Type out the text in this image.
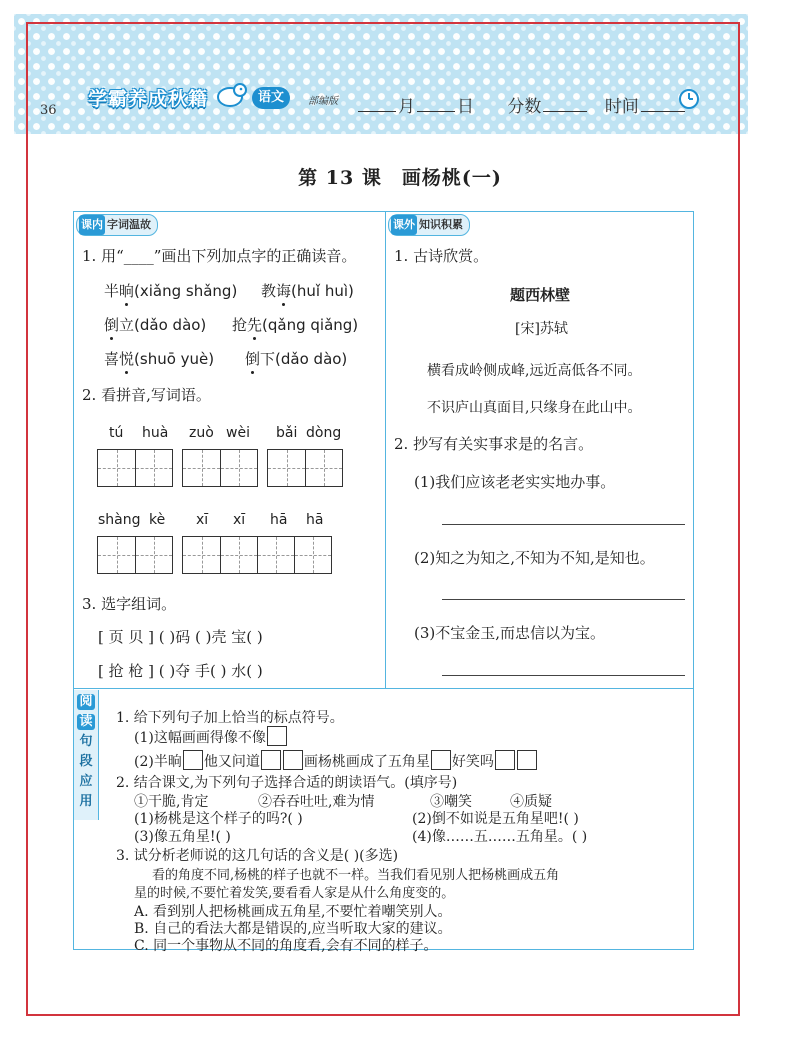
36
学霸养成秋籍	语文	部编版	月 日 分数	时间
第 13 课　画杨桃(一)
课内 字词温故
1. 用“____”画出下列加点字的正确读音。
半晌(xiǎng shǎng) 教诲(huǐ huì)
倒立(dǎo dào) 抢先(qǎng qiǎng)
喜悦(shuō yuè) 倒下(dǎo dào)
2. 看拼音,写词语。
tú huà zuò wèi bǎi dòng
shàng kè xī xī hā hā
3. 选字组词。
[ 页 贝 ] ( )码 ( )壳 宝( )
[ 抢 枪 ] ( )夺 手( ) 水( )
课外 知识积累
1. 古诗欣赏。
题西林壁
[宋]苏轼
横看成岭侧成峰,远近高低各不同。
不识庐山真面目,只缘身在此山中。
2. 抄写有关实事求是的名言。
(1)我们应该老老实实地办事。
(2)知之为知之,不知为不知,是知也。
(3)不宝金玉,而忠信以为宝。
阅
读
句
段
应
用
1. 给下列句子加上恰当的标点符号。
(1)这幅画画得像不像
(2)半晌 他又问道	画杨桃画成了五角星 好笑吗
2. 结合课文,为下列句子选择合适的朗读语气。(填序号)
①干脆,肯定	②吞吞吐吐,难为情	③嘲笑	④质疑
(1)杨桃是这个样子的吗?( )	(2)倒不如说是五角星吧!( )
(3)像五角星!( )	(4)像……五……五角星。( )
3. 试分析老师说的这几句话的含义是( )(多选)
看的角度不同,杨桃的样子也就不一样。当我们看见别人把杨桃画成五角
星的时候,不要忙着发笑,要看看人家是从什么角度变的。
A. 看到别人把杨桃画成五角星,不要忙着嘲笑别人。
B. 自己的看法大都是错误的,应当听取大家的建议。
C. 同一个事物从不同的角度看,会有不同的样子。
